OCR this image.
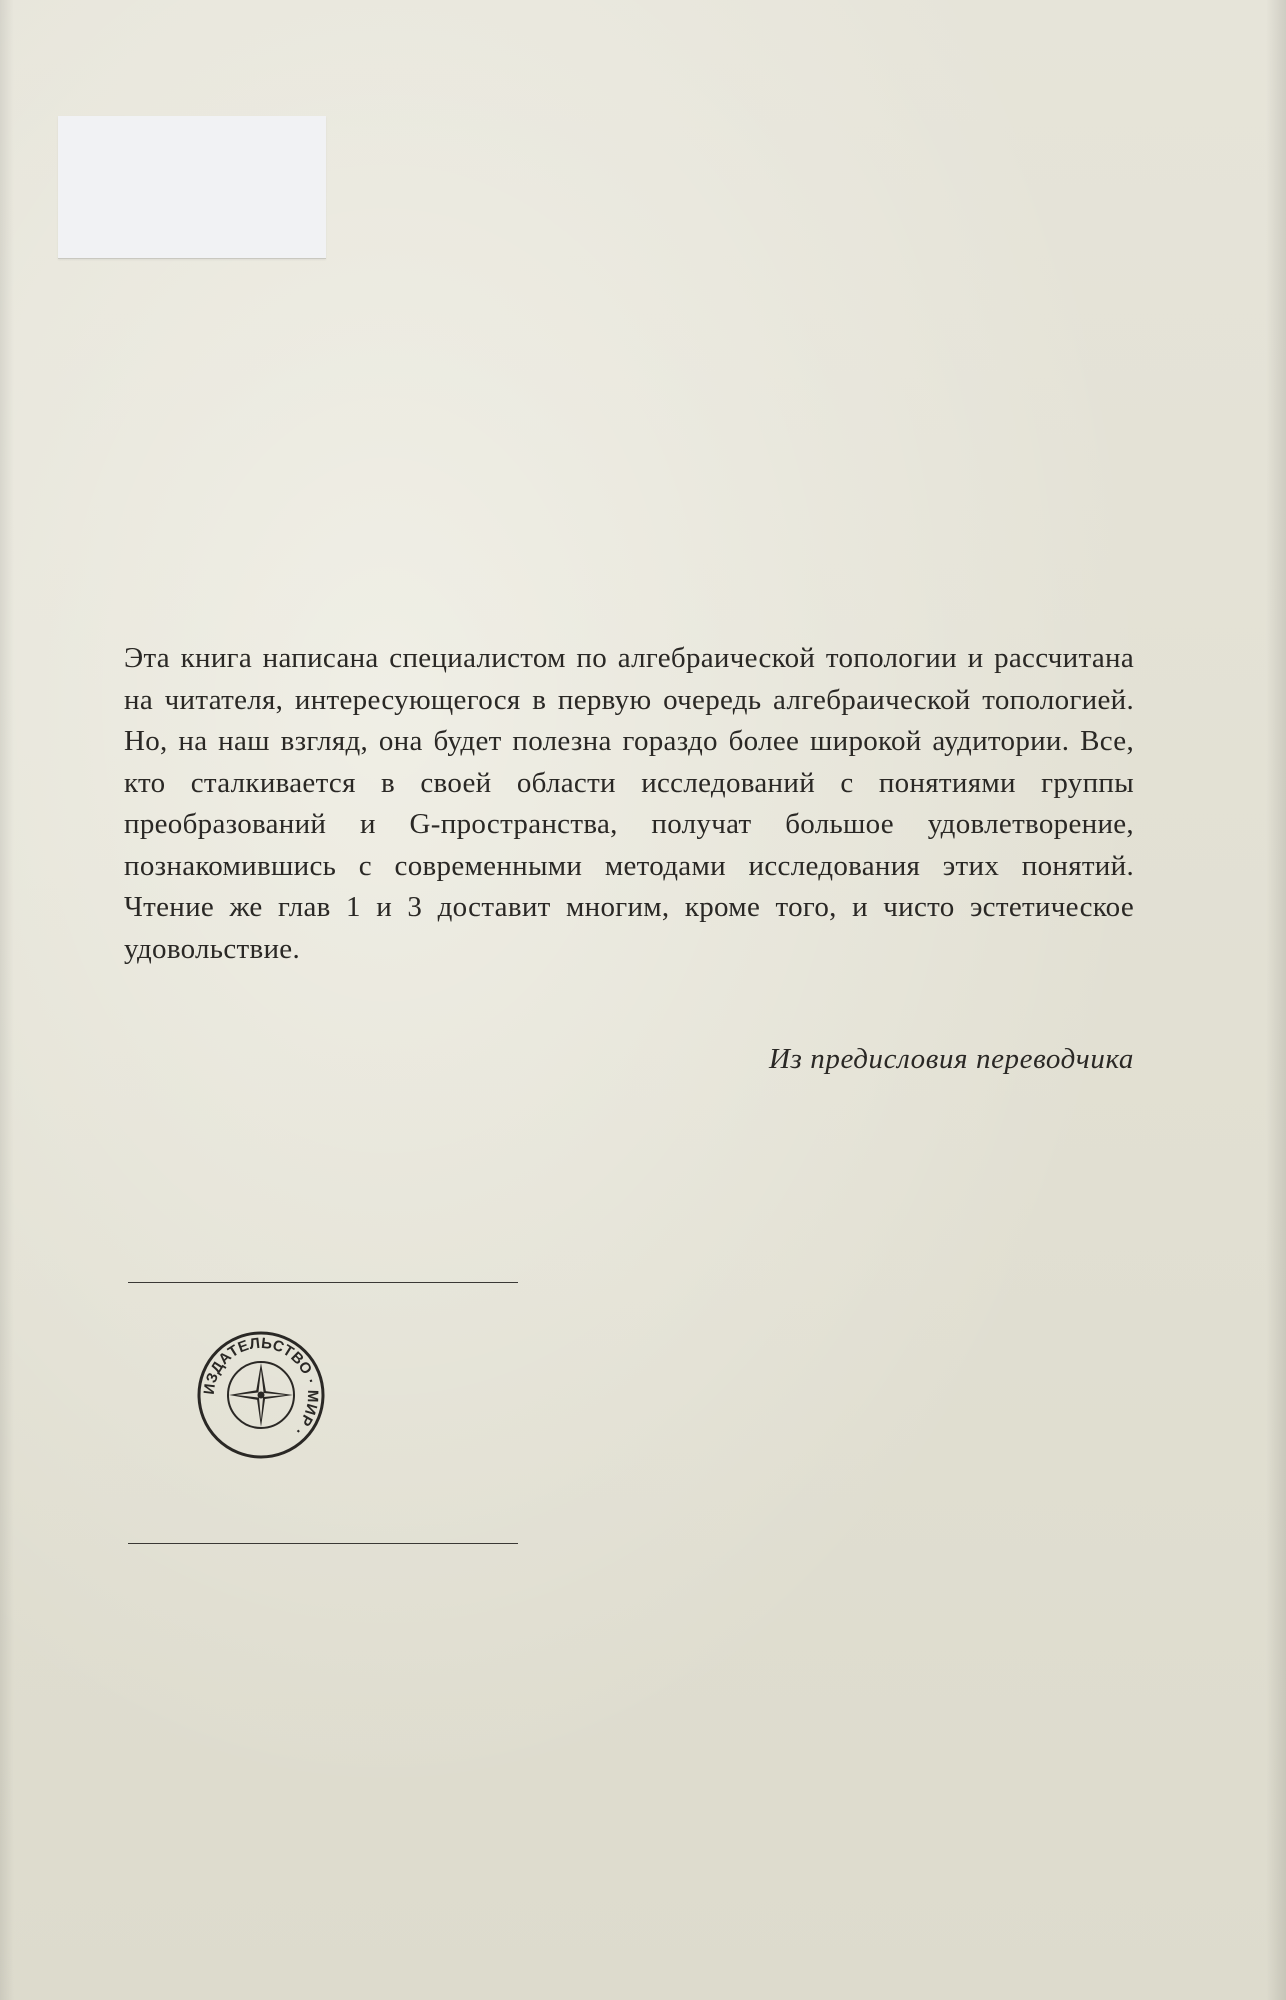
Эта книга написана специалистом по алгебраической топологии и рассчитана на читателя, интересующегося в первую очередь алгебраической топологией. Но, на наш взгляд, она будет полезна гораздо более широкой аудитории. Все, кто сталкивается в своей области исследований с понятиями группы преобразований и G-пространства, получат большое удовлетворение, познакомившись с современными методами исследования этих понятий. Чтение же глав 1 и 3 доставит многим, кроме того, и чисто эстетическое удовольствие.

Из предисловия переводчика
ИЗДАТЕЛЬСТВО · МИР ·
